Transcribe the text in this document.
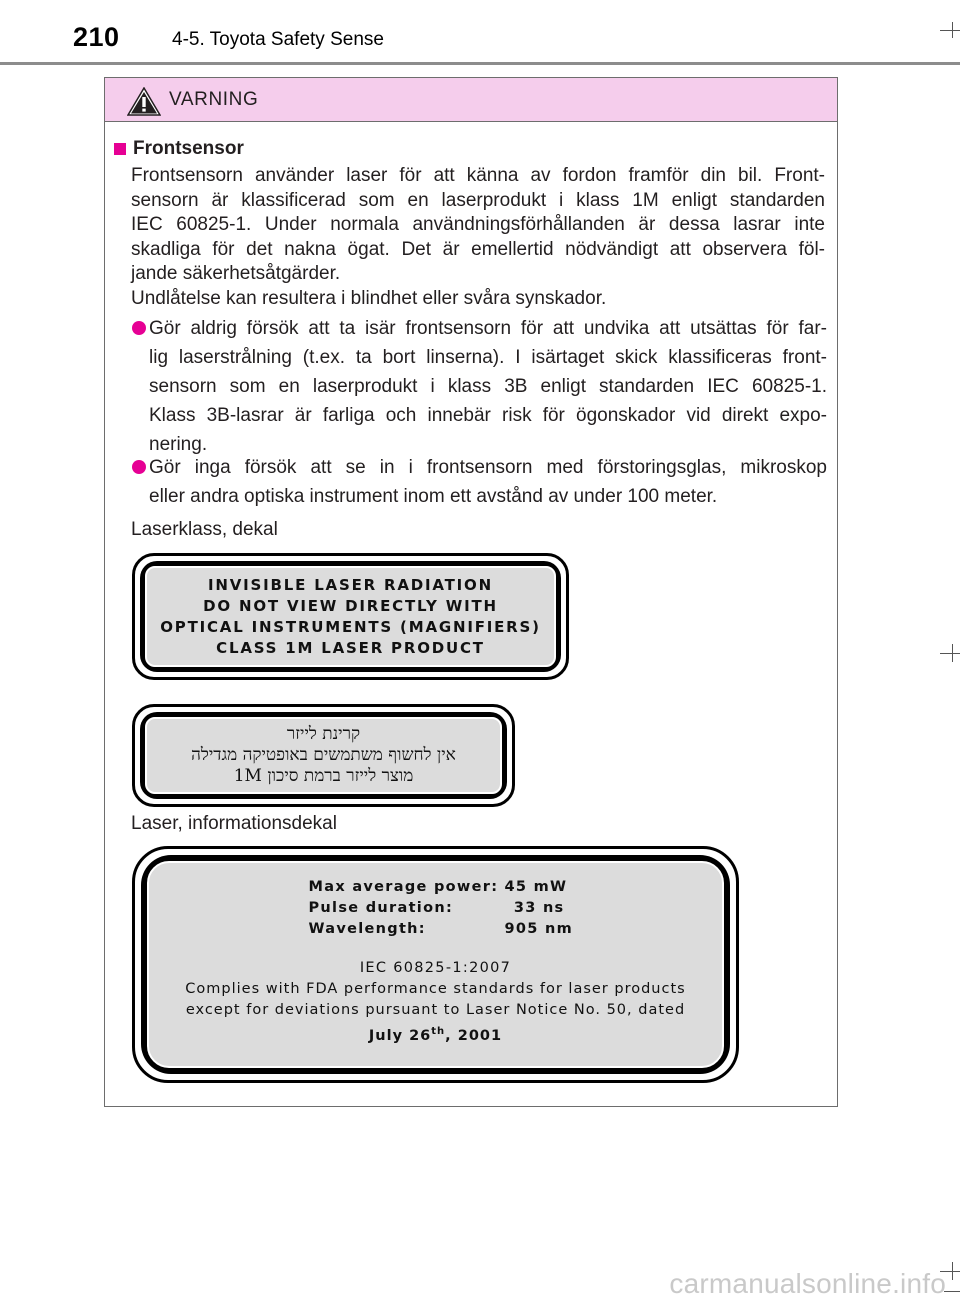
210	4-5. Toyota Safety Sense
VARNING
Frontsensor
Frontsensorn använder laser för att känna av fordon framför din bil. Front-
sensorn är klassificerad som en laserprodukt i klass 1M enligt standarden
IEC 60825-1. Under normala användningsförhållanden är dessa lasrar inte
skadliga för det nakna ögat. Det är emellertid nödvändigt att observera föl-
jande säkerhetsåtgärder.
Undlåtelse kan resultera i blindhet eller svåra synskador.
Gör aldrig försök att ta isär frontsensorn för att undvika att utsättas för far-
lig laserstrålning (t.ex. ta bort linserna). I isärtaget skick klassificeras front-
sensorn som en laserprodukt i klass 3B enligt standarden IEC 60825-1.
Klass 3B-lasrar är farliga och innebär risk för ögonskador vid direkt expo-
nering.
Gör inga försök att se in i frontsensorn med förstoringsglas, mikroskop
eller andra optiska instrument inom ett avstånd av under 100 meter.
Laserklass, dekal
INVISIBLE LASER RADIATION
DO NOT VIEW DIRECTLY WITH
OPTICAL INSTRUMENTS (MAGNIFIERS)
CLASS 1M LASER PRODUCT
קרינת לייזר
אין לחשוף משתמשים באופטיקה מגדילה
מוצר לייזר ברמת סיכון 1M
Laser, informationsdekal
Max average power: 45 mW
Pulse duration:	33 ns
Wavelength:	905 nm
IEC 60825-1:2007
Complies with FDA performance standards for laser products
except for deviations pursuant to Laser Notice No. 50, dated
July 26th, 2001
carmanualsonline.info
